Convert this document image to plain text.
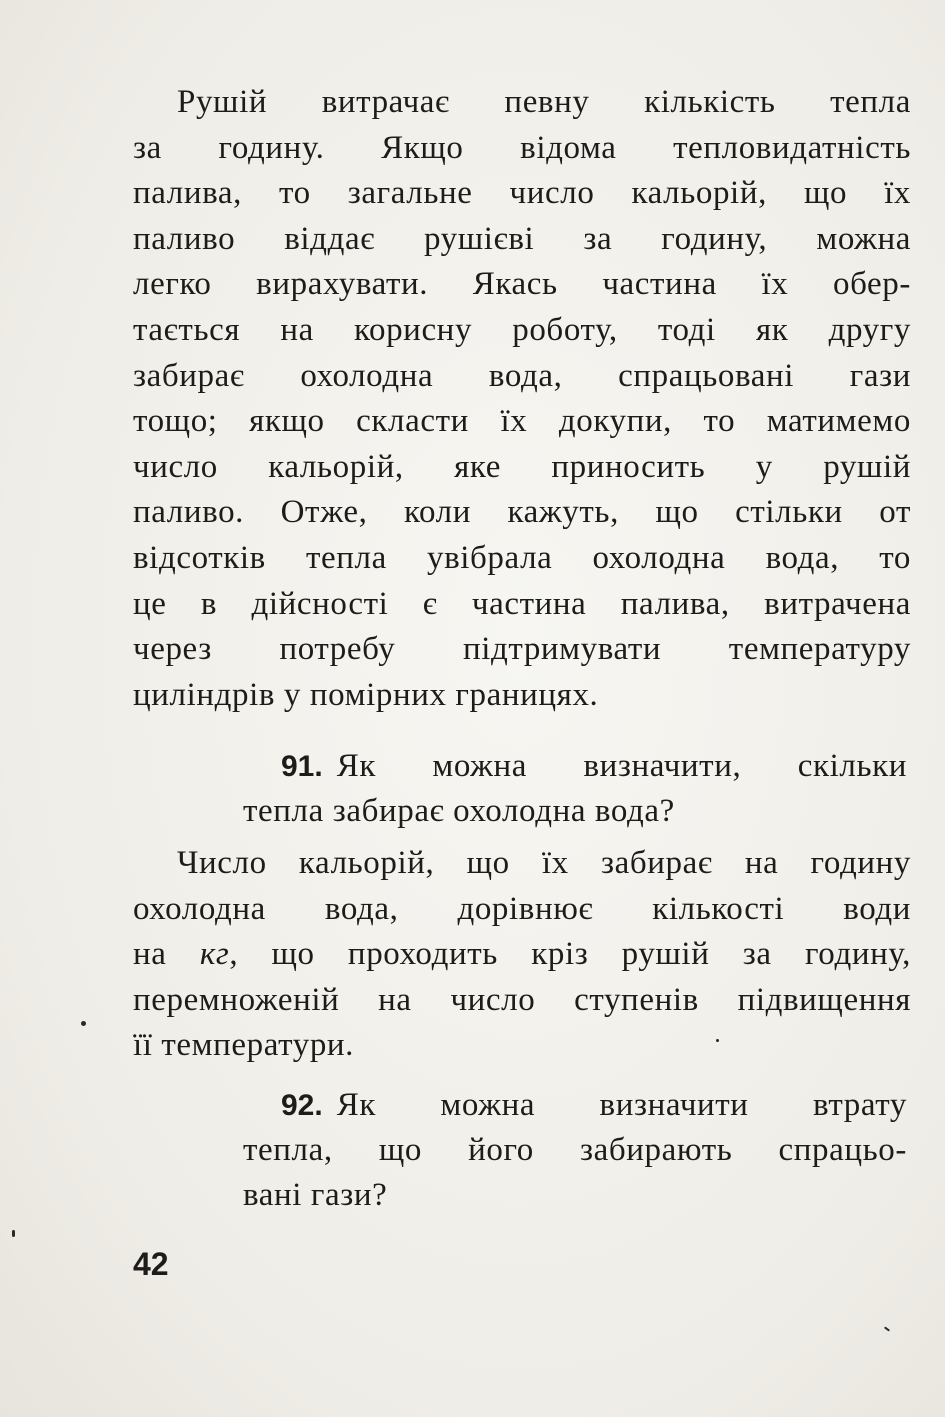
Рушій витрачає певну кількість тепла
за годину. Якщо відома тепловидатність
палива, то загальне число кальорій, що їх
паливо віддає рушієві за годину, можна
легко вирахувати. Якась частина їх обер-
тається на корисну роботу, тоді як другу
забирає охолодна вода, спрацьовані гази
тощо; якщо скласти їх докупи, то матимемо
число кальорій, яке приносить у рушій
паливо. Отже, коли кажуть, що стільки от
відсотків тепла увібрала охолодна вода, то
це в дійсності є частина палива, витрачена
через потребу підтримувати температуру
циліндрів у помірних границях.
91. Як можна визначити, скільки
тепла забирає охолодна вода?
Число кальорій, що їх забирає на годину
охолодна вода, дорівнює кількості води
на кг, що проходить кріз рушій за годину,
перемноженій на число ступенів підвищення
її температури.
92. Як можна визначити втрату
тепла, що його забирають спрацьо-
вані гази?
42
